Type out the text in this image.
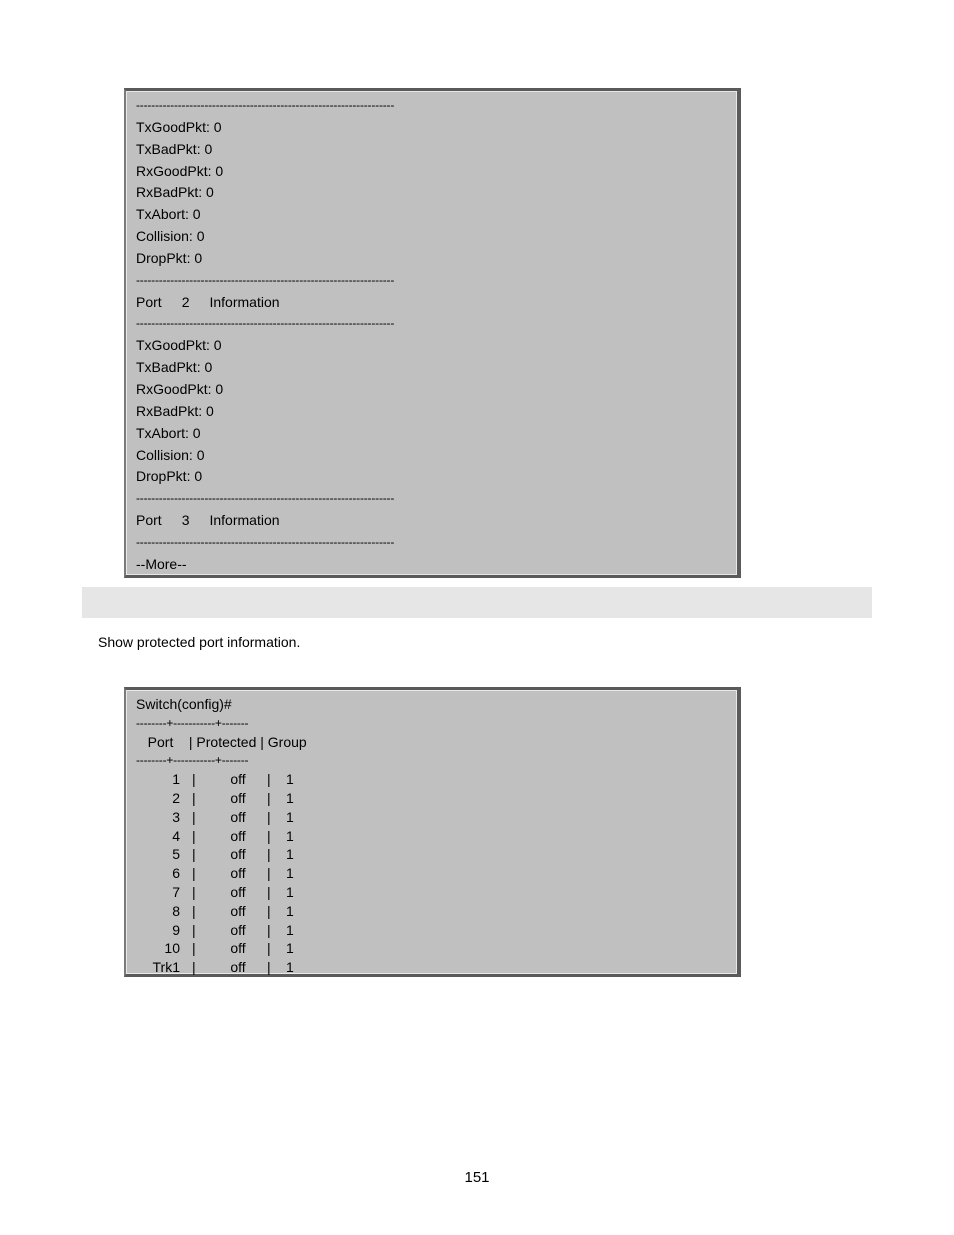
--------------------------------------------------------------------
TxGoodPkt: 0
TxBadPkt: 0
RxGoodPkt: 0
RxBadPkt: 0
TxAbort: 0
Collision: 0
DropPkt: 0
--------------------------------------------------------------------
Port 2 Information
--------------------------------------------------------------------
TxGoodPkt: 0
TxBadPkt: 0
RxGoodPkt: 0
RxBadPkt: 0
TxAbort: 0
Collision: 0
DropPkt: 0
--------------------------------------------------------------------
Port 3 Information
--------------------------------------------------------------------
--More--
Show protected port information.
Switch(config)#
--------+-----------+-------
Port    | Protected | Group
--------+-----------+-------
1 |	off	| 1
2 |	off	| 1
3 |	off	| 1
4 |	off	| 1
5 |	off	| 1
6 |	off	| 1
7 |	off	| 1
8 |	off	| 1
9 |	off	| 1
10 |	off	| 1
Trk1 |	off	| 1
151
